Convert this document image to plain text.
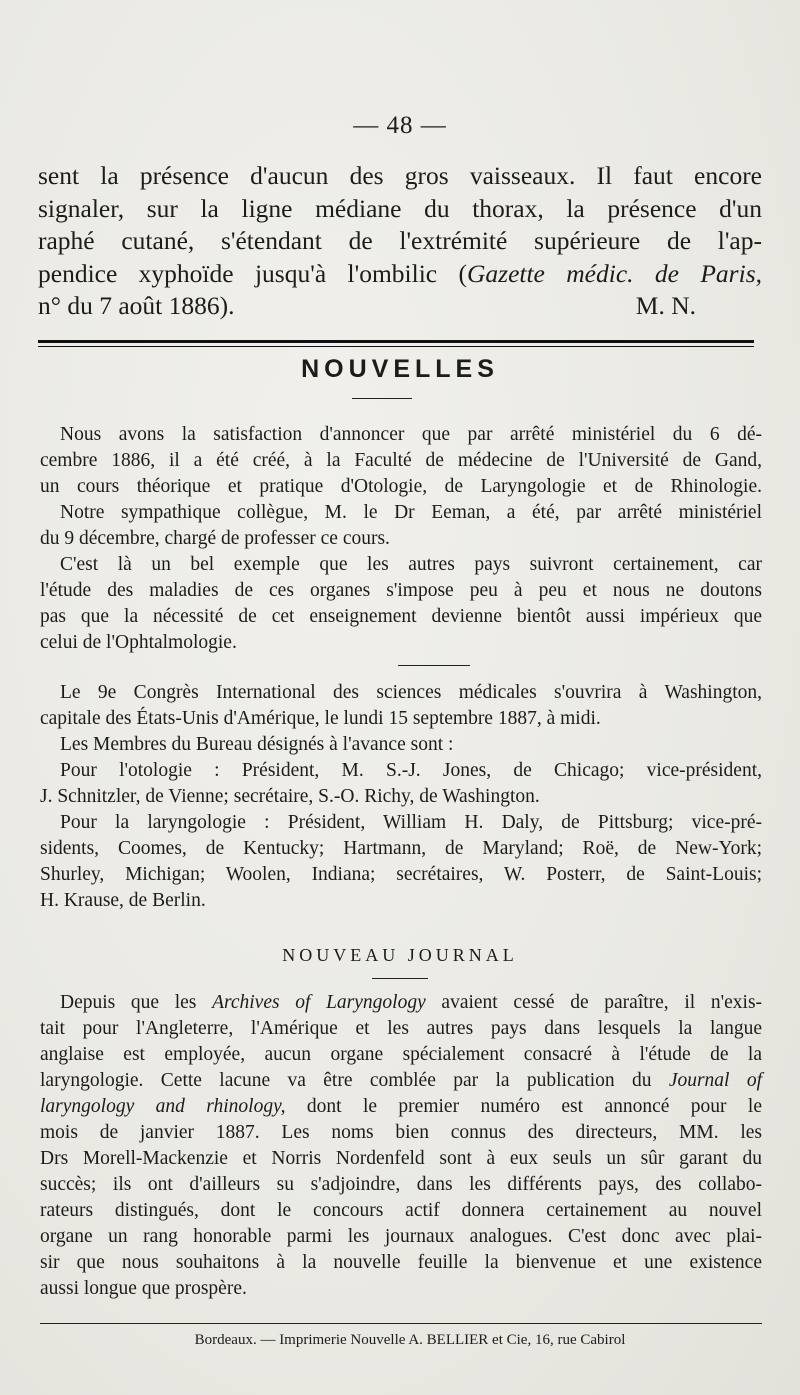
— 48 —
sent la présence d'aucun des gros vaisseaux. Il faut encore
signaler, sur la ligne médiane du thorax, la présence d'un
raphé cutané, s'étendant de l'extrémité supérieure de l'ap-
pendice xyphoïde jusqu'à l'ombilic (Gazette médic. de Paris,
n° du 7 août 1886).	M. N.
NOUVELLES
Nous avons la satisfaction d'annoncer que par arrêté ministériel du 6 dé-
cembre 1886, il a été créé, à la Faculté de médecine de l'Université de Gand,
un cours théorique et pratique d'Otologie, de Laryngologie et de Rhinologie.
Notre sympathique collègue, M. le Dr Eeman, a été, par arrêté ministériel
du 9 décembre, chargé de professer ce cours.
C'est là un bel exemple que les autres pays suivront certainement, car
l'étude des maladies de ces organes s'impose peu à peu et nous ne doutons
pas que la nécessité de cet enseignement devienne bientôt aussi impérieux que
celui de l'Ophtalmologie.
Le 9e Congrès International des sciences médicales s'ouvrira à Washington,
capitale des États-Unis d'Amérique, le lundi 15 septembre 1887, à midi.
Les Membres du Bureau désignés à l'avance sont :
Pour l'otologie : Président, M. S.-J. Jones, de Chicago; vice-président,
J. Schnitzler, de Vienne; secrétaire, S.-O. Richy, de Washington.
Pour la laryngologie : Président, William H. Daly, de Pittsburg; vice-pré-
sidents, Coomes, de Kentucky; Hartmann, de Maryland; Roë, de New-York;
Shurley, Michigan; Woolen, Indiana; secrétaires, W. Posterr, de Saint-Louis;
H. Krause, de Berlin.
NOUVEAU JOURNAL
Depuis que les Archives of Laryngology avaient cessé de paraître, il n'exis-
tait pour l'Angleterre, l'Amérique et les autres pays dans lesquels la langue
anglaise est employée, aucun organe spécialement consacré à l'étude de la
laryngologie. Cette lacune va être comblée par la publication du Journal of
laryngology and rhinology, dont le premier numéro est annoncé pour le
mois de janvier 1887. Les noms bien connus des directeurs, MM. les
Drs Morell-Mackenzie et Norris Nordenfeld sont à eux seuls un sûr garant du
succès; ils ont d'ailleurs su s'adjoindre, dans les différents pays, des collabo-
rateurs distingués, dont le concours actif donnera certainement au nouvel
organe un rang honorable parmi les journaux analogues. C'est donc avec plai-
sir que nous souhaitons à la nouvelle feuille la bienvenue et une existence
aussi longue que prospère.
Bordeaux. — Imprimerie Nouvelle A. BELLIER et Cie, 16, rue Cabirol
